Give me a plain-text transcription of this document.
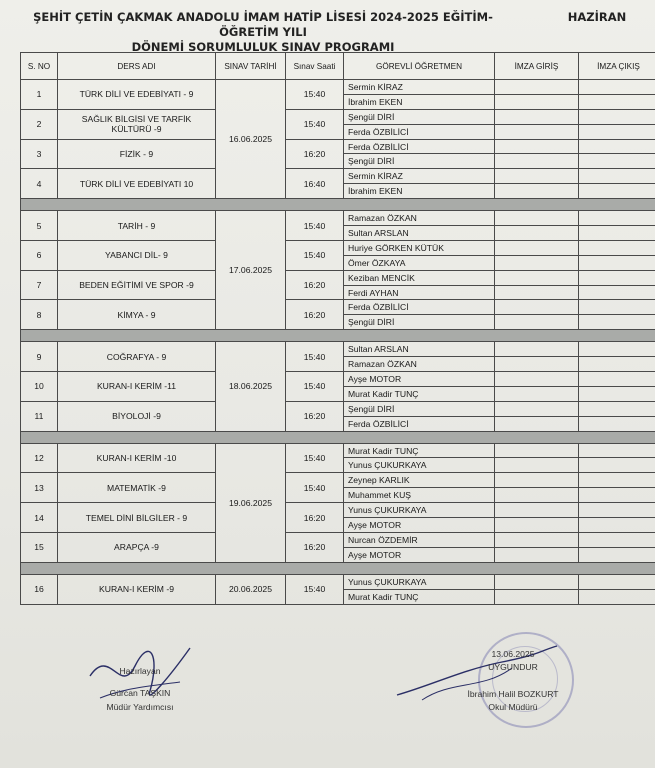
ŞEHİT ÇETİN ÇAKMAK ANADOLU İMAM HATİP LİSESİ 2024-2025 EĞİTİM-ÖĞRETİM YILI
DÖNEMİ SORUMLULUK SINAV PROGRAMI
HAZİRAN
S. NO	DERS ADI	SINAV TARİHİ	Sınav Saati	GÖREVLİ ÖĞRETMEN	İMZA GİRİŞ	İMZA ÇIKIŞ
1	TÜRK DİLİ VE EDEBİYATI - 9	16.06.2025	15:40	Sermin KİRAZ		
				İbrahim EKEN		
2	SAĞLIK BİLGİSİ VE TARFİK KÜLTÜRÜ -9		15:40	Şengül DİRİ		
				Ferda ÖZBİLİCİ		
3	FİZİK - 9		16:20	Ferda ÖZBİLİCİ		
				Şengül DİRİ		
4	TÜRK DİLİ VE EDEBİYATI 10		16:40	Sermin KİRAZ		
				İbrahim EKEN		

5	TARİH - 9	17.06.2025	15:40	Ramazan ÖZKAN		
				Sultan ARSLAN		
6	YABANCI DİL- 9		15:40	Huriye GÖRKEN KÜTÜK		
				Ömer ÖZKAYA		
7	BEDEN EĞİTİMİ VE SPOR -9		16:20	Keziban MENCİK		
				Ferdi AYHAN		
8	KİMYA - 9		16:20	Ferda ÖZBİLİCİ		
				Şengül DİRİ		

9	COĞRAFYA - 9	18.06.2025	15:40	Sultan ARSLAN		
				Ramazan ÖZKAN		
10	KURAN-I KERİM -11		15:40	Ayşe MOTOR		
				Murat Kadir TUNÇ		
11	BİYOLOJİ -9		16:20	Şengül DİRİ		
				Ferda ÖZBİLİCİ		

12	KURAN-I KERİM -10	19.06.2025	15:40	Murat Kadir TUNÇ		
				Yunus ÇUKURKAYA		
13	MATEMATİK -9		15:40	Zeynep KARLIK		
				Muhammet KUŞ		
14	TEMEL DİNİ BİLGİLER - 9		16:20	Yunus ÇUKURKAYA		
				Ayşe MOTOR		
15	ARAPÇA -9		16:20	Nurcan ÖZDEMİR		
				Ayşe MOTOR		

16	KURAN-I KERİM -9	20.06.2025	15:40	Yunus ÇUKURKAYA		
				Murat Kadir TUNÇ		
Hazırlayan
Gürcan TAŞKIN
Müdür Yardımcısı
13.06.2025
UYGUNDUR
İbrahim Halil BOZKURT
Okul Müdürü
